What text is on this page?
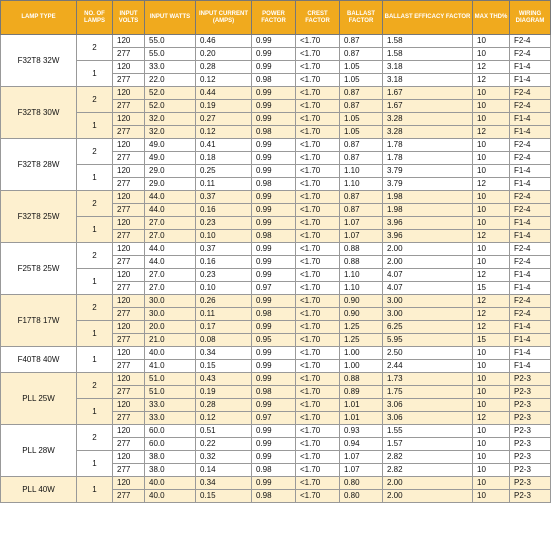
LAMP TYPE	NO. OF LAMPS	INPUT VOLTS	INPUT WATTS	INPUT CURRENT (AMPS)	POWER FACTOR	CREST FACTOR	BALLAST FACTOR	BALLAST EFFICACY FACTOR	MAX THD%	WIRING DIAGRAM
F32T8 32W	2	120	55.0	0.46	0.99	<1.70	0.87	1.58	10	F2-4
		277	55.0	0.20	0.99	<1.70	0.87	1.58	10	F2-4
	1	120	33.0	0.28	0.99	<1.70	1.05	3.18	12	F1-4
		277	22.0	0.12	0.98	<1.70	1.05	3.18	12	F1-4
F32T8 30W	2	120	52.0	0.44	0.99	<1.70	0.87	1.67	10	F2-4
		277	52.0	0.19	0.99	<1.70	0.87	1.67	10	F2-4
	1	120	32.0	0.27	0.99	<1.70	1.05	3.28	10	F1-4
		277	32.0	0.12	0.98	<1.70	1.05	3.28	12	F1-4
F32T8 28W	2	120	49.0	0.41	0.99	<1.70	0.87	1.78	10	F2-4
		277	49.0	0.18	0.99	<1.70	0.87	1.78	10	F2-4
	1	120	29.0	0.25	0.99	<1.70	1.10	3.79	10	F1-4
		277	29.0	0.11	0.98	<1.70	1.10	3.79	12	F1-4
F32T8 25W	2	120	44.0	0.37	0.99	<1.70	0.87	1.98	10	F2-4
		277	44.0	0.16	0.99	<1.70	0.87	1.98	10	F2-4
	1	120	27.0	0.23	0.99	<1.70	1.07	3.96	10	F1-4
		277	27.0	0.10	0.98	<1.70	1.07	3.96	12	F1-4
F25T8 25W	2	120	44.0	0.37	0.99	<1.70	0.88	2.00	10	F2-4
		277	44.0	0.16	0.99	<1.70	0.88	2.00	10	F2-4
	1	120	27.0	0.23	0.99	<1.70	1.10	4.07	12	F1-4
		277	27.0	0.10	0.97	<1.70	1.10	4.07	15	F1-4
F17T8 17W	2	120	30.0	0.26	0.99	<1.70	0.90	3.00	12	F2-4
		277	30.0	0.11	0.98	<1.70	0.90	3.00	12	F2-4
	1	120	20.0	0.17	0.99	<1.70	1.25	6.25	12	F1-4
		277	21.0	0.08	0.95	<1.70	1.25	5.95	15	F1-4
F40T8 40W	1	120	40.0	0.34	0.99	<1.70	1.00	2.50	10	F1-4
		277	41.0	0.15	0.99	<1.70	1.00	2.44	10	F1-4
PLL 25W	2	120	51.0	0.43	0.99	<1.70	0.88	1.73	10	P2-3
		277	51.0	0.19	0.98	<1.70	0.89	1.75	10	P2-3
	1	120	33.0	0.28	0.99	<1.70	1.01	3.06	10	P2-3
		277	33.0	0.12	0.97	<1.70	1.01	3.06	12	P2-3
PLL 28W	2	120	60.0	0.51	0.99	<1.70	0.93	1.55	10	P2-3
		277	60.0	0.22	0.99	<1.70	0.94	1.57	10	P2-3
	1	120	38.0	0.32	0.99	<1.70	1.07	2.82	10	P2-3
		277	38.0	0.14	0.98	<1.70	1.07	2.82	10	P2-3
PLL 40W	1	120	40.0	0.34	0.99	<1.70	0.80	2.00	10	P2-3
		277	40.0	0.15	0.98	<1.70	0.80	2.00	10	P2-3
